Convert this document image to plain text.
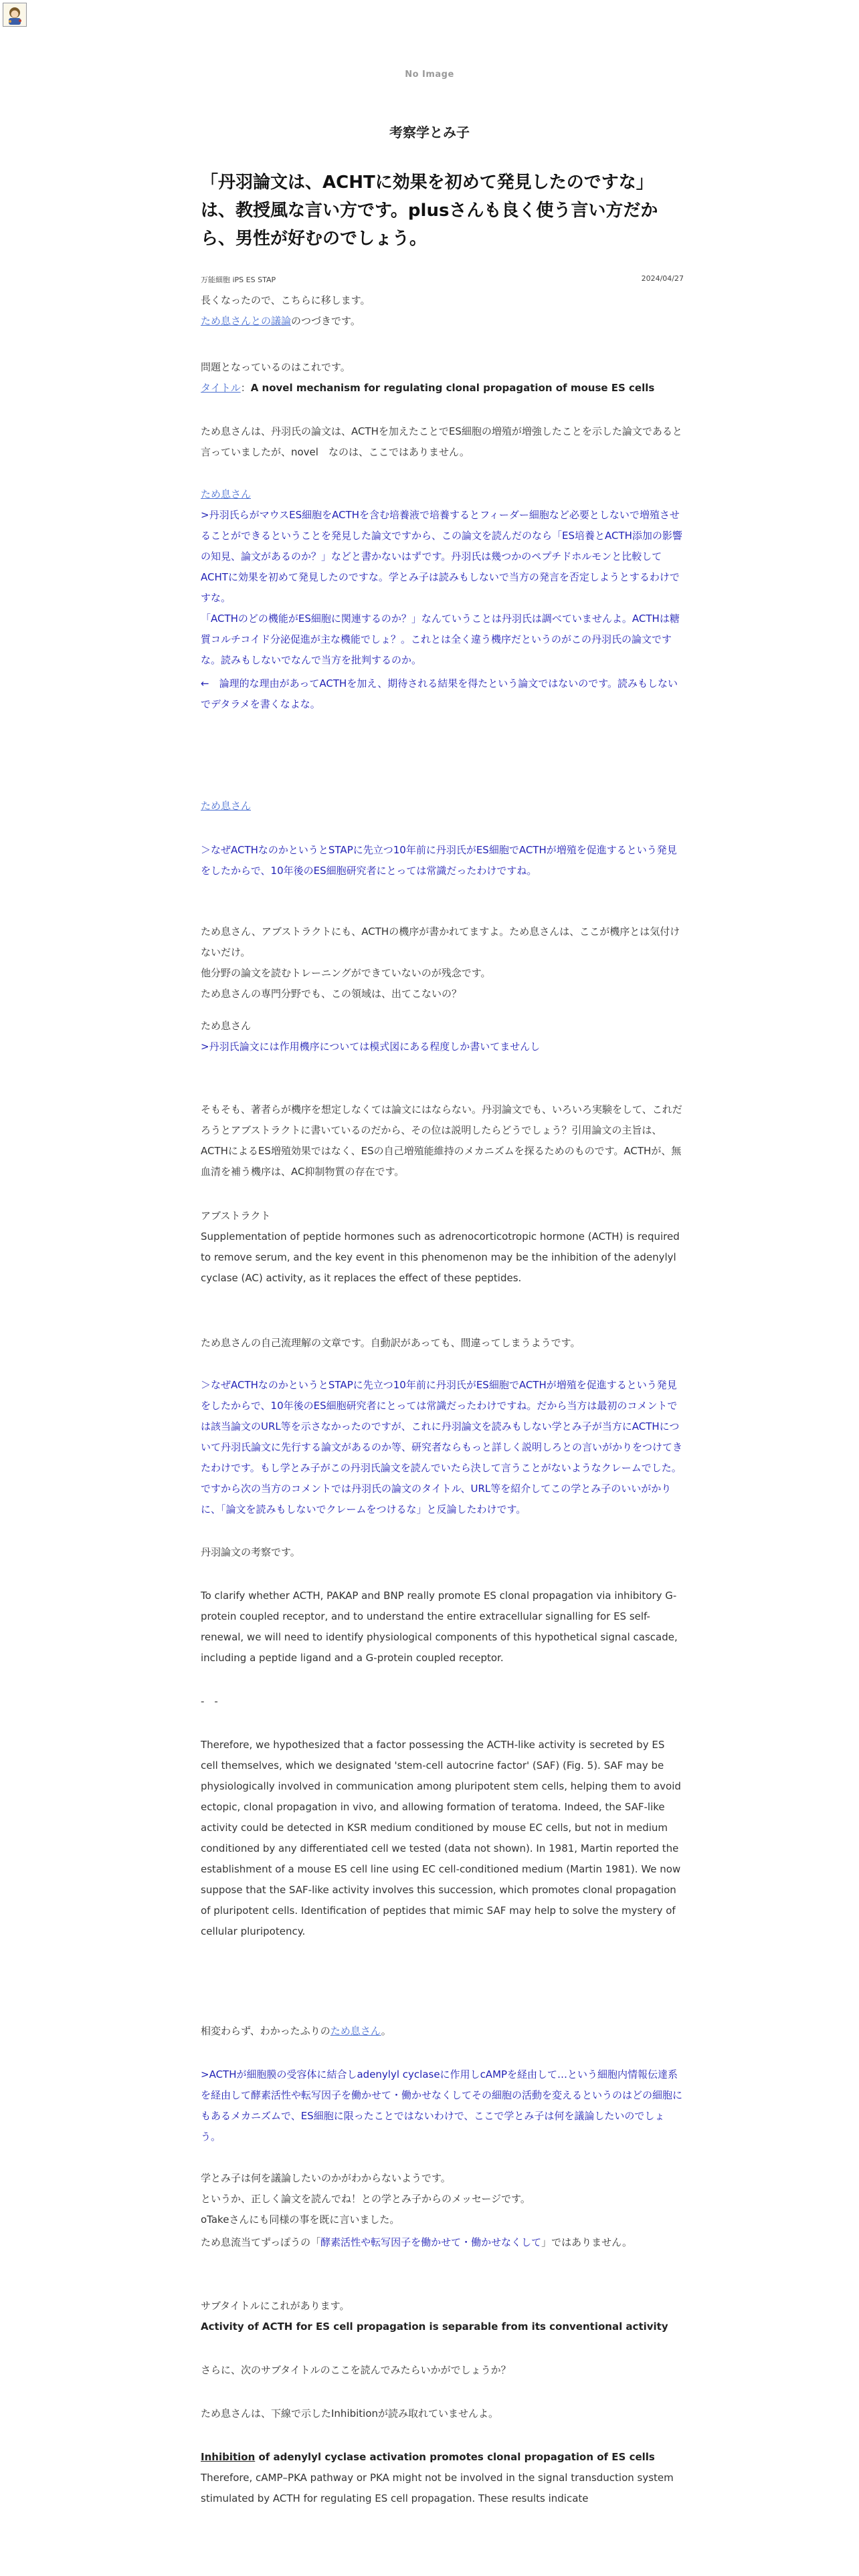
No Image
考察学とみ子
「丹羽論文は、ACHTに効果を初めて発見したのですな」は、教授風な言い方です。plusさんも良く使う言い方だから、男性が好むのでしょう。
万能細胞 iPS ES STAP	2024/04/27
長くなったので、こちらに移します。
ため息さんとの議論のつづきです。
問題となっているのはこれです。
タイトル：A novel mechanism for regulating clonal propagation of mouse ES cells
ため息さんは、丹羽氏の論文は、ACTHを加えたことでES細胞の増殖が増強したことを示した論文であると言っていましたが、novel　なのは、ここではありません。
ため息さん
>丹羽氏らがマウスES細胞をACTHを含む培養液で培養するとフィーダー細胞など必要としないで増殖させることができるということを発見した論文ですから、この論文を読んだのなら「ES培養とACTH添加の影響の知見、論文があるのか？」などと書かないはずです。丹羽氏は幾つかのペプチドホルモンと比較してACHTに効果を初めて発見したのですな。学とみ子は読みもしないで当方の発言を否定しようとするわけですな。
「ACTHのどの機能がES細胞に関連するのか？」なんていうことは丹羽氏は調べていませんよ。ACTHは糖質コルチコイド分泌促進が主な機能でしょ？。これとは全く違う機序だというのがこの丹羽氏の論文ですな。読みもしないでなんで当方を批判するのか。
←　論理的な理由があってACTHを加え、期待される結果を得たという論文ではないのです。読みもしないでデタラメを書くなよな。
ため息さん
＞なぜACTHなのかというとSTAPに先立つ10年前に丹羽氏がES細胞でACTHが増殖を促進するという発見をしたからで、10年後のES細胞研究者にとっては常識だったわけですね。
ため息さん、アブストラクトにも、ACTHの機序が書かれてますよ。ため息さんは、ここが機序とは気付けないだけ。
他分野の論文を読むトレーニングができていないのが残念です。
ため息さんの専門分野でも、この領域は、出てこないの？
ため息さん
>丹羽氏論文には作用機序については模式図にある程度しか書いてませんし
そもそも、著者らが機序を想定しなくては論文にはならない。丹羽論文でも、いろいろ実験をして、これだろうとアブストラクトに書いているのだから、その位は説明したらどうでしょう？引用論文の主旨は、ACTHによるES増殖効果ではなく、ESの自己増殖能維持のメカニズムを探るためのものです。ACTHが、無血清を補う機序は、AC抑制物質の存在です。
アブストラクト
Supplementation of peptide hormones such as adrenocorticotropic hormone (ACTH) is required to remove serum, and the key event in this phenomenon may be the inhibition of the adenylyl cyclase (AC) activity, as it replaces the effect of these peptides.
ため息さんの自己流理解の文章です。自動訳があっても、間違ってしまうようです。
＞なぜACTHなのかというとSTAPに先立つ10年前に丹羽氏がES細胞でACTHが増殖を促進するという発見をしたからで、10年後のES細胞研究者にとっては常識だったわけですね。だから当方は最初のコメントでは該当論文のURL等を示さなかったのですが、これに丹羽論文を読みもしない学とみ子が当方にACTHについて丹羽氏論文に先行する論文があるのか等、研究者ならもっと詳しく説明しろとの言いがかりをつけてきたわけです。もし学とみ子がこの丹羽氏論文を読んでいたら決して言うことがないようなクレームでした。ですから次の当方のコメントでは丹羽氏の論文のタイトル、URL等を紹介してこの学とみ子のいいがかりに、「論文を読みもしないでクレームをつけるな」と反論したわけです。
丹羽論文の考察です。
To clarify whether ACTH, PAKAP and BNP really promote ES clonal propagation via inhibitory G-protein coupled receptor, and to understand the entire extracellular signalling for ES self-renewal, we will need to identify physiological components of this hypothetical signal cascade, including a peptide ligand and a G-protein coupled receptor.
-　-
Therefore, we hypothesized that a factor possessing the ACTH-like activity is secreted by ES cell themselves, which we designated 'stem-cell autocrine factor' (SAF) (Fig. 5). SAF may be physiologically involved in communication among pluripotent stem cells, helping them to avoid ectopic, clonal propagation in vivo, and allowing formation of teratoma. Indeed, the SAF-like activity could be detected in KSR medium conditioned by mouse EC cells, but not in medium conditioned by any differentiated cell we tested (data not shown). In 1981, Martin reported the establishment of a mouse ES cell line using EC cell-conditioned medium (Martin 1981). We now suppose that the SAF-like activity involves this succession, which promotes clonal propagation of pluripotent cells. Identification of peptides that mimic SAF may help to solve the mystery of cellular pluripotency.
相変わらず、わかったふりのため息さん。
>ACTHが細胞膜の受容体に結合しadenylyl cyclaseに作用しcAMPを経由して…という細胞内情報伝達系を経由して酵素活性や転写因子を働かせて・働かせなくしてその細胞の活動を変えるというのはどの細胞にもあるメカニズムで、ES細胞に限ったことではないわけで、ここで学とみ子は何を議論したいのでしょう。
学とみ子は何を議論したいのかがわからないようです。
というか、正しく論文を読んでね！との学とみ子からのメッセージです。
oTakeさんにも同様の事を既に言いました。
ため息流当てずっぽうの「酵素活性や転写因子を働かせて・働かせなくして」ではありません。
サブタイトルにこれがあります。
Activity of ACTH for ES cell propagation is separable from its conventional activity
さらに、次のサブタイトルのここを読んでみたらいかがでしょうか？
ため息さんは、下線で示したInhibitionが読み取れていませんよ。
Inhibition of adenylyl cyclase activation promotes clonal propagation of ES cells
Therefore, cAMP–PKA pathway or PKA might not be involved in the signal transduction system stimulated by ACTH for regulating ES cell propagation. These results indicate
